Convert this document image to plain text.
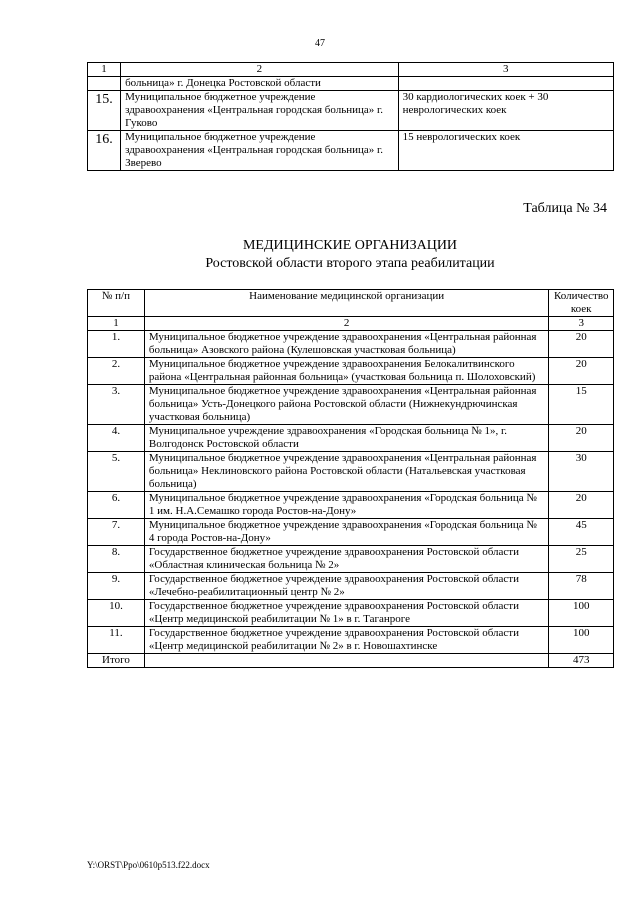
47
1	2	3
	больница» г. Донецка Ростовской области	
15.	Муниципальное бюджетное учреждение здравоохранения «Центральная городская больница» г. Гуково	30 кардиологических коек + 30 неврологических коек
16.	Муниципальное бюджетное учреждение здравоохранения «Центральная городская больница» г. Зверево	15 неврологических коек
Таблица № 34
МЕДИЦИНСКИЕ ОРГАНИЗАЦИИ
Ростовской области второго этапа реабилитации
№ п/п	Наименование медицинской организации	Количество коек
1	2	3
1.	Муниципальное бюджетное учреждение здравоохранения «Центральная районная больница» Азовского района (Кулешовская участковая больница)	20
2.	Муниципальное бюджетное учреждение здравоохранения Белокалитвинского района «Центральная районная больница» (участковая больница п. Шолоховский)	20
3.	Муниципальное бюджетное учреждение здравоохранения «Центральная районная больница» Усть-Донецкого района Ростовской области (Нижнекундрючинская участковая больница)	15
4.	Муниципальное учреждение здравоохранения «Городская больница № 1», г. Волгодонск Ростовской области	20
5.	Муниципальное бюджетное учреждение здравоохранения «Центральная районная больница» Неклиновского района Ростовской области (Натальевская участковая больница)	30
6.	Муниципальное бюджетное учреждение здравоохранения «Городская больница № 1 им. Н.А.Семашко города Ростов-на-Дону»	20
7.	Муниципальное бюджетное учреждение здравоохранения «Городская больница № 4 города Ростов-на-Дону»	45
8.	Государственное бюджетное учреждение здравоохранения Ростовской области «Областная клиническая больница № 2»	25
9.	Государственное бюджетное учреждение здравоохранения Ростовской области «Лечебно-реабилитационный центр № 2»	78
10.	Государственное бюджетное учреждение здравоохранения Ростовской области «Центр медицинской реабилитации № 1» в г. Таганроге	100
11.	Государственное бюджетное учреждение здравоохранения Ростовской области «Центр медицинской реабилитации № 2» в г. Новошахтинске	100
Итого		473
Y:\ORST\Ppo\0610p513.f22.docx
